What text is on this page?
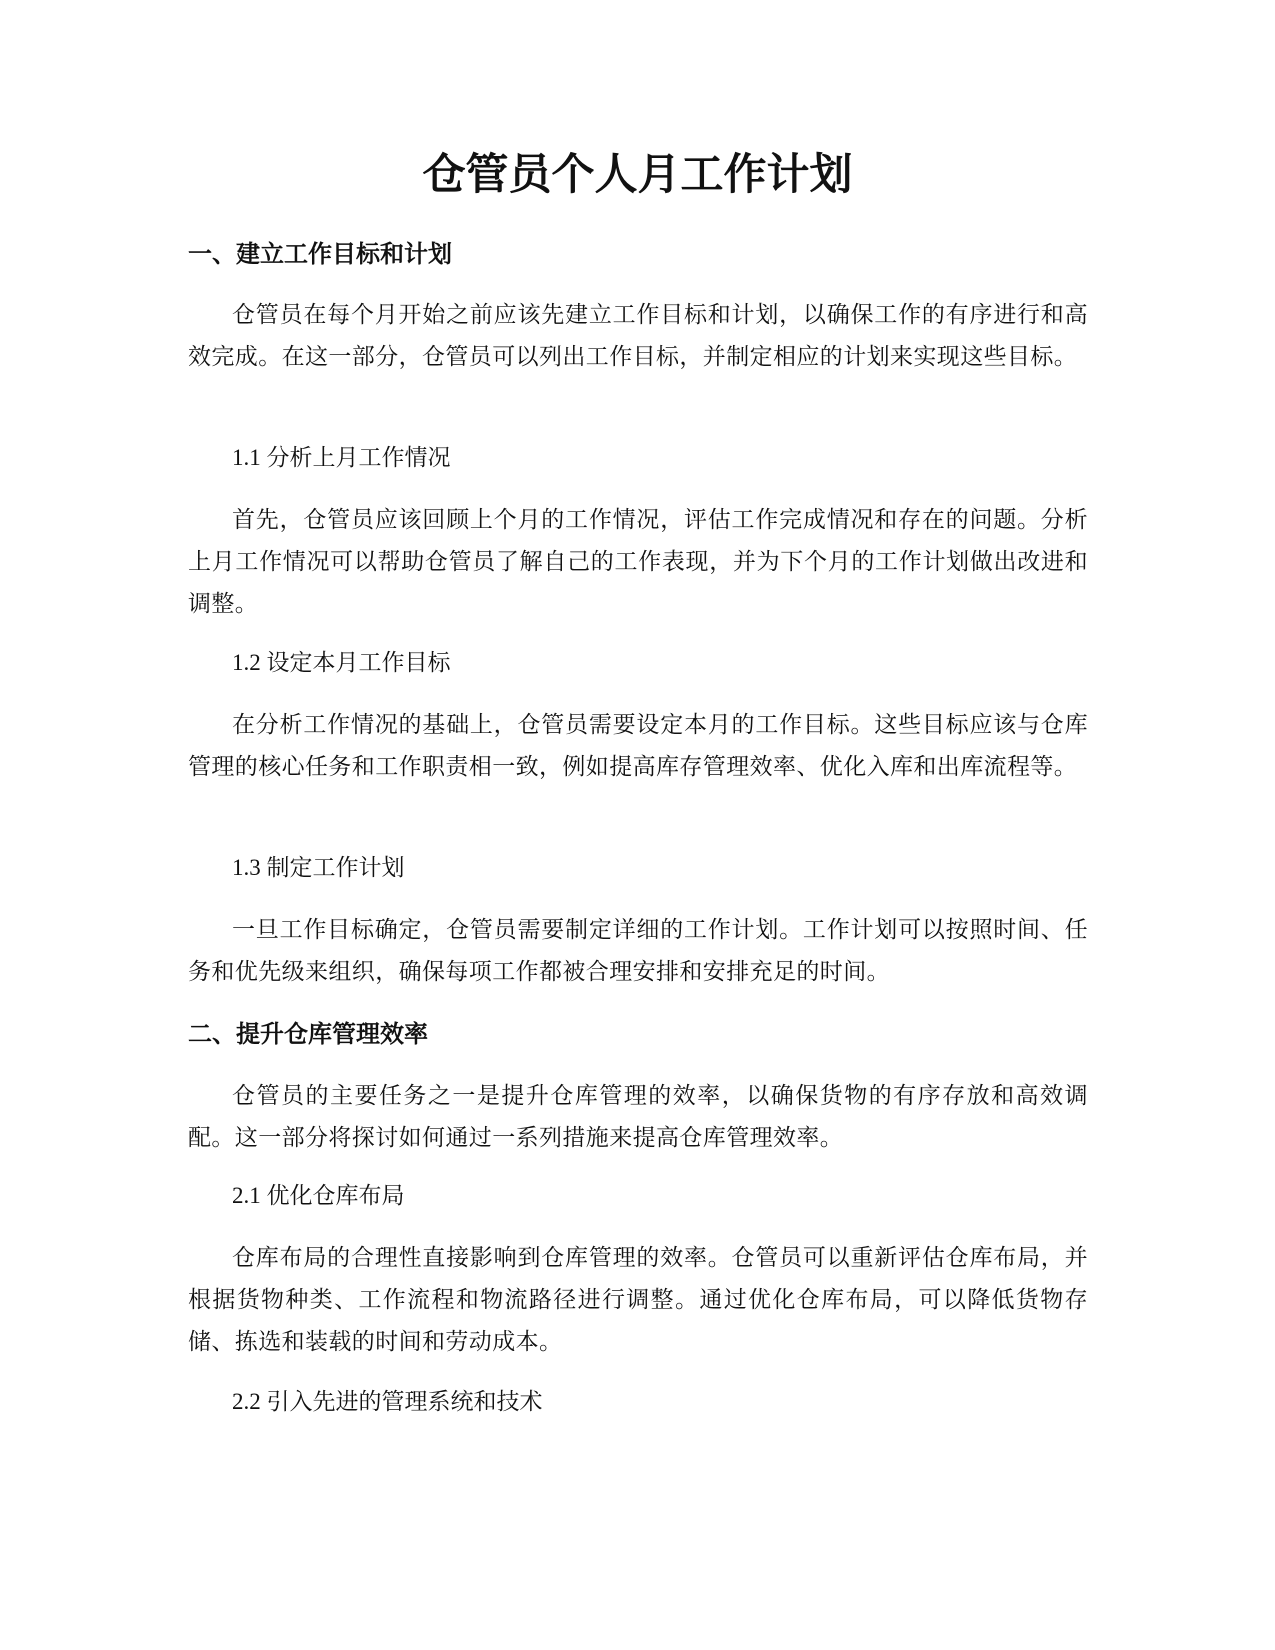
仓管员个人月工作计划
一、建立工作目标和计划

仓管员在每个月开始之前应该先建立工作目标和计划，以确保工作的有序进行和高效完成。在这一部分，仓管员可以列出工作目标，并制定相应的计划来实现这些目标。

1.1 分析上月工作情况

首先，仓管员应该回顾上个月的工作情况，评估工作完成情况和存在的问题。分析上月工作情况可以帮助仓管员了解自己的工作表现，并为下个月的工作计划做出改进和调整。

1.2 设定本月工作目标

在分析工作情况的基础上，仓管员需要设定本月的工作目标。这些目标应该与仓库管理的核心任务和工作职责相一致，例如提高库存管理效率、优化入库和出库流程等。

1.3 制定工作计划

一旦工作目标确定，仓管员需要制定详细的工作计划。工作计划可以按照时间、任务和优先级来组织，确保每项工作都被合理安排和安排充足的时间。

二、提升仓库管理效率

仓管员的主要任务之一是提升仓库管理的效率，以确保货物的有序存放和高效调配。这一部分将探讨如何通过一系列措施来提高仓库管理效率。

2.1 优化仓库布局

仓库布局的合理性直接影响到仓库管理的效率。仓管员可以重新评估仓库布局，并根据货物种类、工作流程和物流路径进行调整。通过优化仓库布局，可以降低货物存储、拣选和装载的时间和劳动成本。

2.2 引入先进的管理系统和技术
